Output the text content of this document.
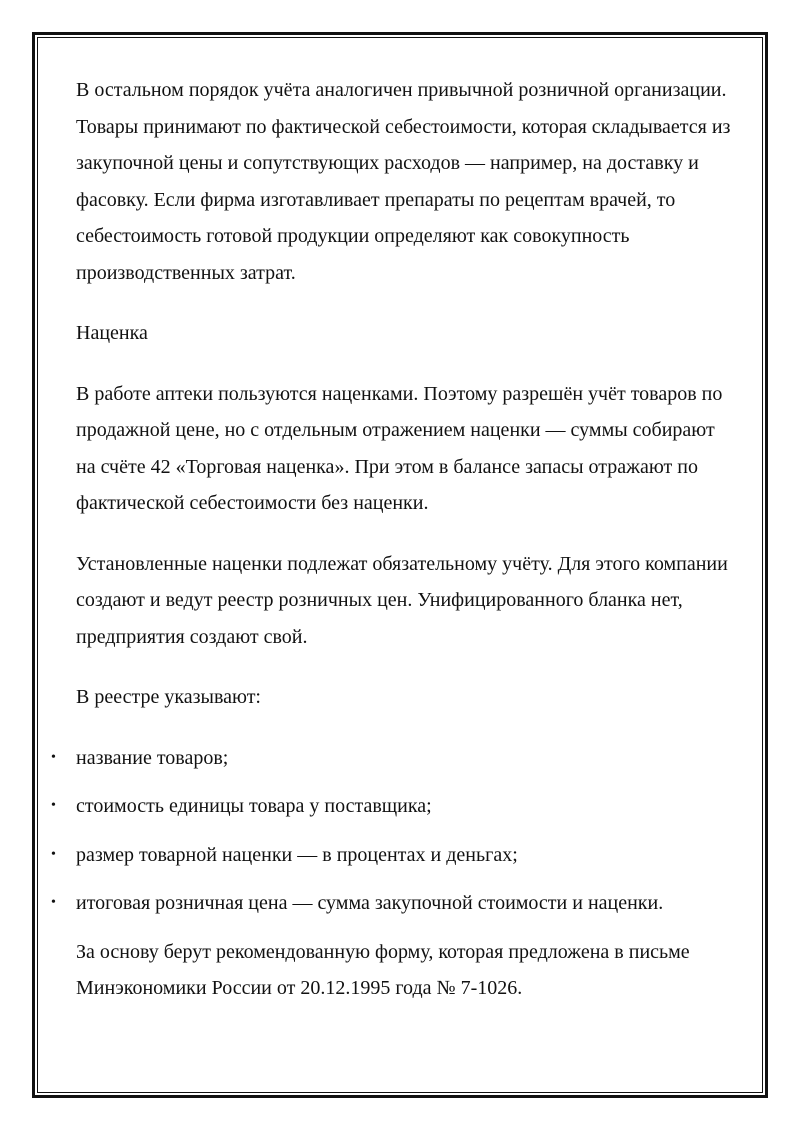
В остальном порядок учёта аналогичен привычной розничной организации. Товары принимают по фактической себестоимости, которая складывается из закупочной цены и сопутствующих расходов — например, на доставку и фасовку. Если фирма изготавливает препараты по рецептам врачей, то себестоимость готовой продукции определяют как совокупность производственных затрат.

Наценка

В работе аптеки пользуются наценками. Поэтому разрешён учёт товаров по продажной цене, но с отдельным отражением наценки — суммы собирают на счёте 42 «Торговая наценка». При этом в балансе запасы отражают по фактической себестоимости без наценки.

Установленные наценки подлежат обязательному учёту. Для этого компании создают и ведут реестр розничных цен. Унифицированного бланка нет, предприятия создают свой.

В реестре указывают:

• название товаров;
• стоимость единицы товара у поставщика;
• размер товарной наценки — в процентах и деньгах;
• итоговая розничная цена — сумма закупочной стоимости и наценки.

За основу берут рекомендованную форму, которая предложена в письме Минэкономики России от 20.12.1995 года № 7-1026.
